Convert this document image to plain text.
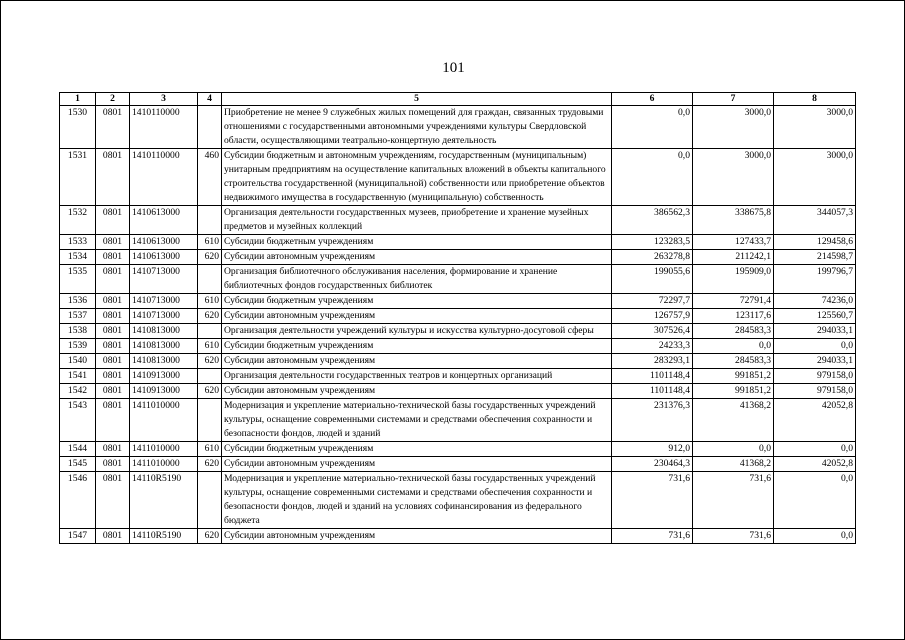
101
1	2	3	4	5	6	7	8
1530	0801	1410110000		Приобретение не менее 9 служебных жилых помещений для граждан, связанных трудовыми отношениями с государственными автономными учреждениями культуры Свердловской области, осуществляющими театрально-концертную деятельность	0,0	3000,0	3000,0
1531	0801	1410110000	460	Субсидии бюджетным и автономным учреждениям, государственным (муниципальным) унитарным предприятиям на осуществление капитальных вложений в объекты капитального строительства государственной (муниципальной) собственности или приобретение объектов недвижимого имущества в государственную (муниципальную) собственность	0,0	3000,0	3000,0
1532	0801	1410613000		Организация деятельности государственных музеев, приобретение и хранение музейных предметов и музейных коллекций	386562,3	338675,8	344057,3
1533	0801	1410613000	610	Субсидии бюджетным учреждениям	123283,5	127433,7	129458,6
1534	0801	1410613000	620	Субсидии автономным учреждениям	263278,8	211242,1	214598,7
1535	0801	1410713000		Организация библиотечного обслуживания населения, формирование и хранение библиотечных фондов государственных библиотек	199055,6	195909,0	199796,7
1536	0801	1410713000	610	Субсидии бюджетным учреждениям	72297,7	72791,4	74236,0
1537	0801	1410713000	620	Субсидии автономным учреждениям	126757,9	123117,6	125560,7
1538	0801	1410813000		Организация деятельности учреждений культуры и искусства культурно-досуговой сферы	307526,4	284583,3	294033,1
1539	0801	1410813000	610	Субсидии бюджетным учреждениям	24233,3	0,0	0,0
1540	0801	1410813000	620	Субсидии автономным учреждениям	283293,1	284583,3	294033,1
1541	0801	1410913000		Организация деятельности государственных театров и концертных организаций	1101148,4	991851,2	979158,0
1542	0801	1410913000	620	Субсидии автономным учреждениям	1101148,4	991851,2	979158,0
1543	0801	1411010000		Модернизация и укрепление материально-технической базы государственных учреждений культуры, оснащение современными системами и средствами обеспечения сохранности и безопасности фондов, людей и зданий	231376,3	41368,2	42052,8
1544	0801	1411010000	610	Субсидии бюджетным учреждениям	912,0	0,0	0,0
1545	0801	1411010000	620	Субсидии автономным учреждениям	230464,3	41368,2	42052,8
1546	0801	14110R5190		Модернизация и укрепление материально-технической базы государственных учреждений культуры, оснащение современными системами и средствами обеспечения сохранности и безопасности фондов, людей и зданий на условиях софинансирования из федерального бюджета	731,6	731,6	0,0
1547	0801	14110R5190	620	Субсидии автономным учреждениям	731,6	731,6	0,0
